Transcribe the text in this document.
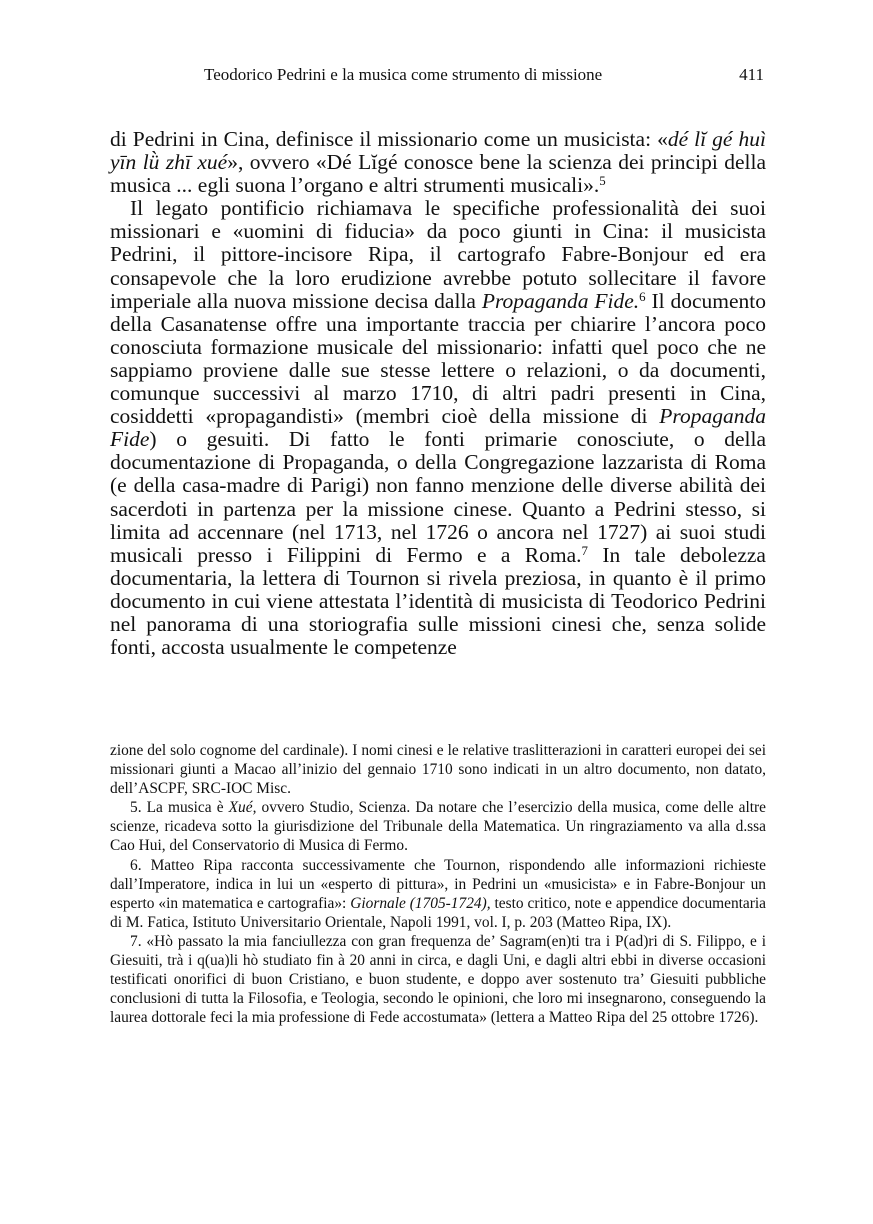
Teodorico Pedrini e la musica come strumento di missione	411

di Pedrini in Cina, definisce il missionario come un musicista: «dé lĭ gé huì yīn lǜ zhī xué», ovvero «Dé Lĭgé conosce bene la scienza dei principi della musica ... egli suona l’organo e altri strumenti musicali».$^5$

Il legato pontificio richiamava le specifiche professionalità dei suoi missionari e «uomini di fiducia» da poco giunti in Cina: il musicista Pedrini, il pittore-incisore Ripa, il cartografo Fabre-Bonjour ed era consapevole che la loro erudizione avrebbe potuto sollecitare il favore imperiale alla nuova missione decisa dalla Propaganda Fide.$^6$ Il documento della Casanatense offre una importante traccia per chiarire l’ancora poco conosciuta formazione musicale del missionario: infatti quel poco che ne sappiamo proviene dalle sue stesse lettere o relazioni, o da documenti, comunque successivi al marzo 1710, di altri padri presenti in Cina, cosiddetti «propagandisti» (membri cioè della missione di Propaganda Fide) o gesuiti. Di fatto le fonti primarie conosciute, o della documentazione di Propaganda, o della Congregazione lazzarista di Roma (e della casa-madre di Parigi) non fanno menzione delle diverse abilità dei sacerdoti in partenza per la missione cinese. Quanto a Pedrini stesso, si limita ad accennare (nel 1713, nel 1726 o ancora nel 1727) ai suoi studi musicali presso i Filippini di Fermo e a Roma.$^7$ In tale debolezza documentaria, la lettera di Tournon si rivela preziosa, in quanto è il primo documento in cui viene attestata l’identità di musicista di Teodorico Pedrini nel panorama di una storiografia sulle missioni cinesi che, senza solide fonti, accosta usualmente le competenze

zione del solo cognome del cardinale). I nomi cinesi e le relative traslitterazioni in caratteri europei dei sei missionari giunti a Macao all’inizio del gennaio 1710 sono indicati in un altro documento, non datato, dell’ASCPF, SRC-IOC Misc.

5. La musica è Xué, ovvero Studio, Scienza. Da notare che l’esercizio della musica, come delle altre scienze, ricadeva sotto la giurisdizione del Tribunale della Matematica. Un ringraziamento va alla d.ssa Cao Hui, del Conservatorio di Musica di Fermo.

6. Matteo Ripa racconta successivamente che Tournon, rispondendo alle informazioni richieste dall’Imperatore, indica in lui un «esperto di pittura», in Pedrini un «musicista» e in Fabre-Bonjour un esperto «in matematica e cartografia»: Giornale (1705-1724), testo critico, note e appendice documentaria di M. Fatica, Istituto Universitario Orientale, Napoli 1991, vol. I, p. 203 (Matteo Ripa, IX).

7. «Hò passato la mia fanciullezza con gran frequenza de’ Sagram(en)ti tra i P(ad)ri di S. Filippo, e i Giesuiti, trà i q(ua)li hò studiato fin à 20 anni in circa, e dagli Uni, e dagli altri ebbi in diverse occasioni testificati onorifici di buon Cristiano, e buon studente, e doppo aver sostenuto tra’ Giesuiti pubbliche conclusioni di tutta la Filosofia, e Teologia, secondo le opinioni, che loro mi insegnarono, conseguendo la laurea dottorale feci la mia professione di Fede accostumata» (lettera a Matteo Ripa del 25 ottobre 1726).
